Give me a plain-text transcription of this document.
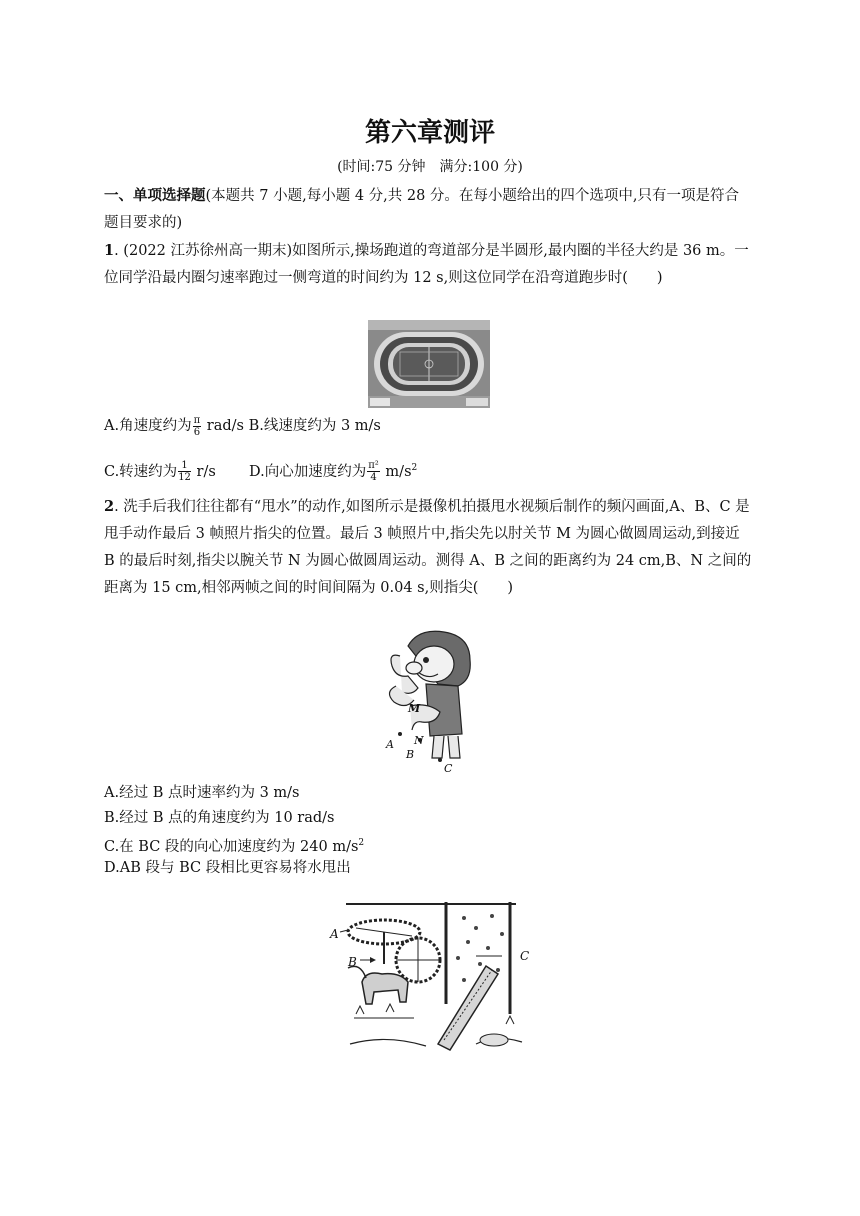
第六章测评
(时间:75 分钟　满分:100 分)
一、单项选择题(本题共 7 小题,每小题 4 分,共 28 分。在每小题给出的四个选项中,只有一项是符合题目要求的)
1. (2022 江苏徐州高一期末)如图所示,操场跑道的弯道部分是半圆形,最内圈的半径大约是 36 m。一位同学沿最内圈匀速率跑过一侧弯道的时间约为 12 s,则这位同学在沿弯道跑步时(　　)
A.角速度约为 $\frac{\pi}{6} rad/s$ B.线速度约为 3 m/s
C.转速约为 $\frac{1}{12} r/s$ D.向心加速度约为 $\frac{\text{π²}}{4} m/s^2$
2. 洗手后我们往往都有“甩水”的动作,如图所示是摄像机拍摄甩水视频后制作的频闪画面,A、B、C 是甩手动作最后 3 帧照片指尖的位置。最后 3 帧照片中,指尖先以肘关节 M 为圆心做圆周运动,到接近 B 的最后时刻,指尖以腕关节 N 为圆心做圆周运动。测得 A、B 之间的距离约为 24 cm,B、N 之间的距离为 15 cm,相邻两帧之间的时间间隔为 0.04 s,则指尖(　　)
M
N
A
B
C
A.经过 B 点时速率约为 3 m/s
B.经过 B 点的角速度约为 10 rad/s
C.在 BC 段的向心加速度约为 240 $m/s^2$
D.AB 段与 BC 段相比更容易将水甩出
A
B	C
